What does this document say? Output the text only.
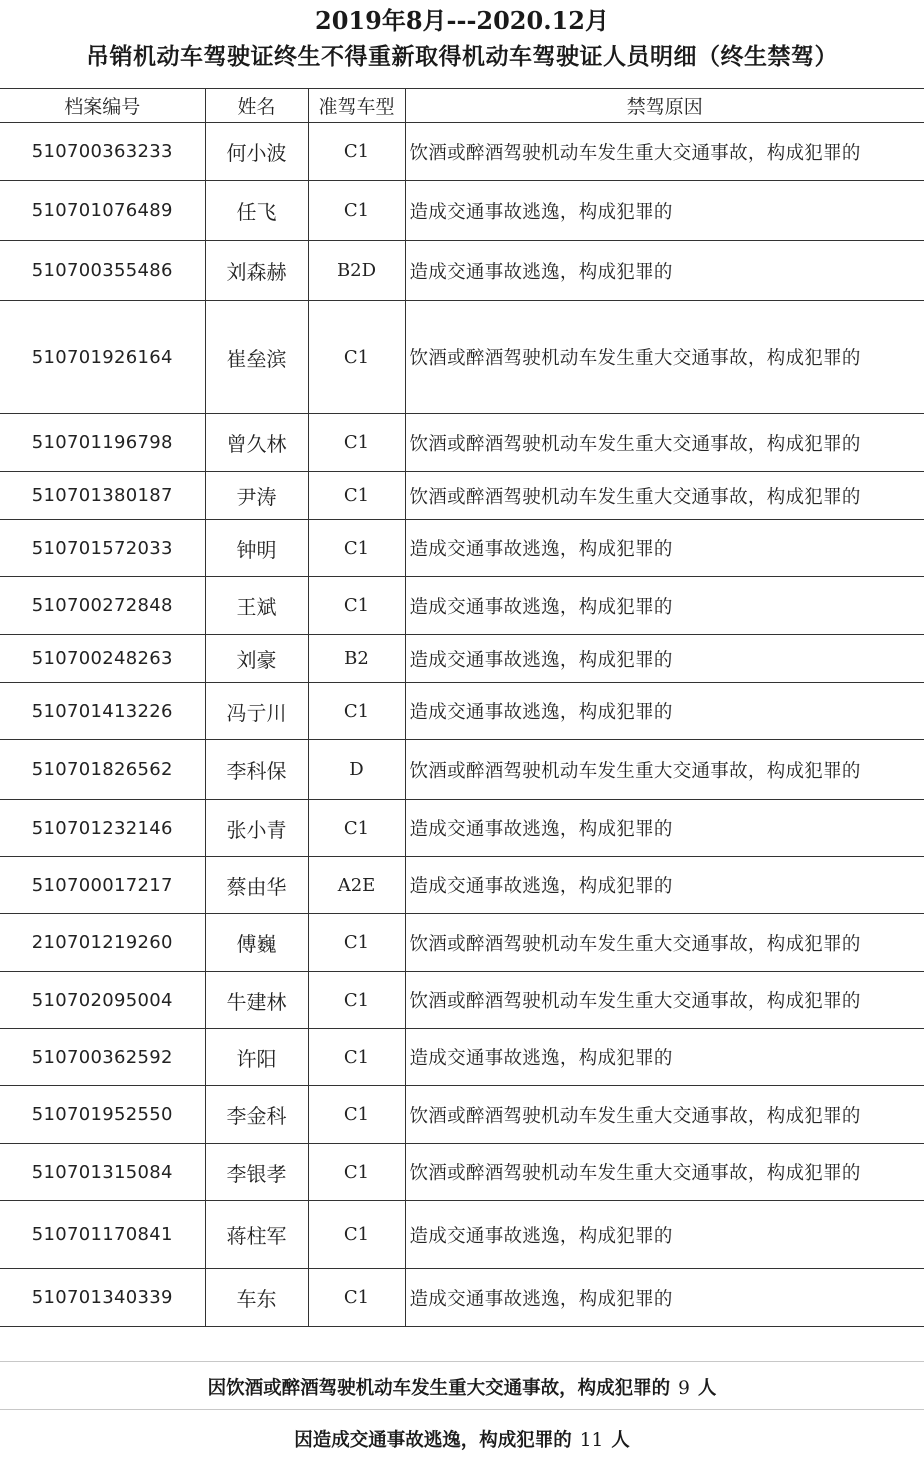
2019年8月---2020.12月
吊销机动车驾驶证终生不得重新取得机动车驾驶证人员明细（终生禁驾）
档案编号	姓名	准驾车型	禁驾原因
510700363233	何小波	C1	饮酒或醉酒驾驶机动车发生重大交通事故，构成犯罪的
510701076489	任飞	C1	造成交通事故逃逸，构成犯罪的
510700355486	刘森赫	B2D	造成交通事故逃逸，构成犯罪的
510701926164	崔垒滨	C1	饮酒或醉酒驾驶机动车发生重大交通事故，构成犯罪的
510701196798	曾久林	C1	饮酒或醉酒驾驶机动车发生重大交通事故，构成犯罪的
510701380187	尹涛	C1	饮酒或醉酒驾驶机动车发生重大交通事故，构成犯罪的
510701572033	钟明	C1	造成交通事故逃逸，构成犯罪的
510700272848	王斌	C1	造成交通事故逃逸，构成犯罪的
510700248263	刘豪	B2	造成交通事故逃逸，构成犯罪的
510701413226	冯亍川	C1	造成交通事故逃逸，构成犯罪的
510701826562	李科保	D	饮酒或醉酒驾驶机动车发生重大交通事故，构成犯罪的
510701232146	张小青	C1	造成交通事故逃逸，构成犯罪的
510700017217	蔡由华	A2E	造成交通事故逃逸，构成犯罪的
210701219260	傅巍	C1	饮酒或醉酒驾驶机动车发生重大交通事故，构成犯罪的
510702095004	牛建林	C1	饮酒或醉酒驾驶机动车发生重大交通事故，构成犯罪的
510700362592	许阳	C1	造成交通事故逃逸，构成犯罪的
510701952550	李金科	C1	饮酒或醉酒驾驶机动车发生重大交通事故，构成犯罪的
510701315084	李银孝	C1	饮酒或醉酒驾驶机动车发生重大交通事故，构成犯罪的
510701170841	蒋柱军	C1	造成交通事故逃逸，构成犯罪的
510701340339	车东	C1	造成交通事故逃逸，构成犯罪的
因饮酒或醉酒驾驶机动车发生重大交通事故，构成犯罪的 9 人
因造成交通事故逃逸，构成犯罪的 11 人
